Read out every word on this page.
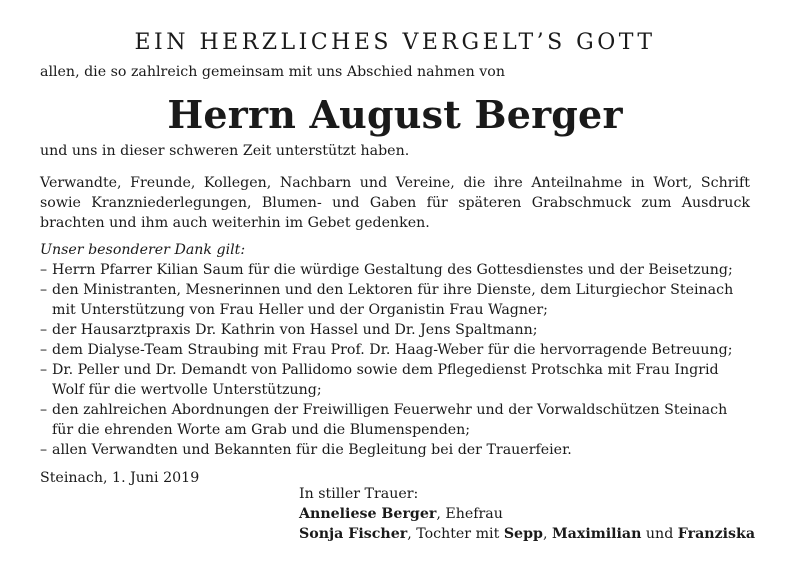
EIN HERZLICHES VERGELT’S GOTT
allen, die so zahlreich gemeinsam mit uns Abschied nahmen von
Herrn August Berger
und uns in dieser schweren Zeit unterstützt haben.
Verwandte, Freunde, Kollegen, Nachbarn und Vereine, die ihre Anteilnahme in Wort, Schrift sowie Kranzniederlegungen, Blumen- und Gaben für späteren Grabschmuck zum Ausdruck brachten und ihm auch weiterhin im Gebet gedenken.
Unser besonderer Dank gilt:
– Herrn Pfarrer Kilian Saum für die würdige Gestaltung des Gottesdienstes und der Beisetzung;
– den Ministranten, Mesnerinnen und den Lektoren für ihre Dienste, dem Liturgiechor Steinach mit Unterstützung von Frau Heller und der Organistin Frau Wagner;
– der Hausarztpraxis Dr. Kathrin von Hassel und Dr. Jens Spaltmann;
– dem Dialyse-Team Straubing mit Frau Prof. Dr. Haag-Weber für die hervorragende Betreuung;
– Dr. Peller und Dr. Demandt von Pallidomo sowie dem Pflegedienst Protschka mit Frau Ingrid Wolf für die wertvolle Unterstützung;
– den zahlreichen Abordnungen der Freiwilligen Feuerwehr und der Vorwaldschützen Steinach für die ehrenden Worte am Grab und die Blumenspenden;
– allen Verwandten und Bekannten für die Begleitung bei der Trauerfeier.
Steinach, 1. Juni 2019
In stiller Trauer:
Anneliese Berger, Ehefrau
Sonja Fischer, Tochter mit Sepp, Maximilian und Franziska
